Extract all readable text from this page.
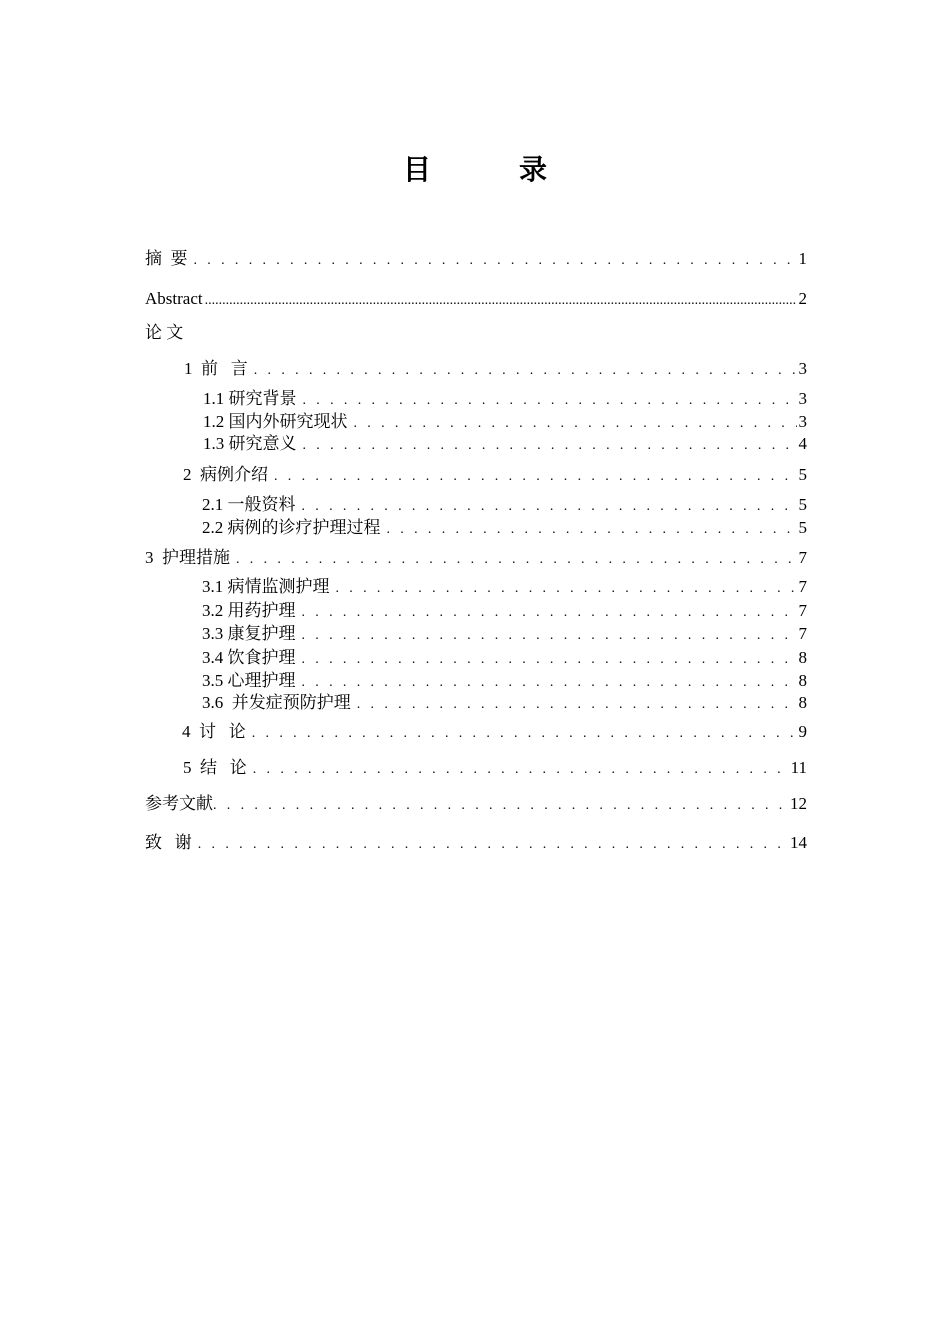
目　录
摘  要 . . .	1
Abstract .....	2
论 文
1  前   言 . . .	3
1.1 研究背景 . . .	3
1.2 国内外研究现状 . . .	3
1.3 研究意义 . . .	4
2  病例介绍 . . .	5
2.1 一般资料 . . .	5
2.2 病例的诊疗护理过程 . . .	5
3  护理措施 . . .	7
3.1 病情监测护理 . . .	7
3.2 用药护理 . . .	7
3.3 康复护理 . . .	7
3.4 饮食护理 . . .	8
3.5 心理护理 . . .	8
3.6  并发症预防护理 . . .	8
4  讨   论 . . .	9
5  结   论 . . .	11
参考文献 . . .	12
致   谢 . . .	14
